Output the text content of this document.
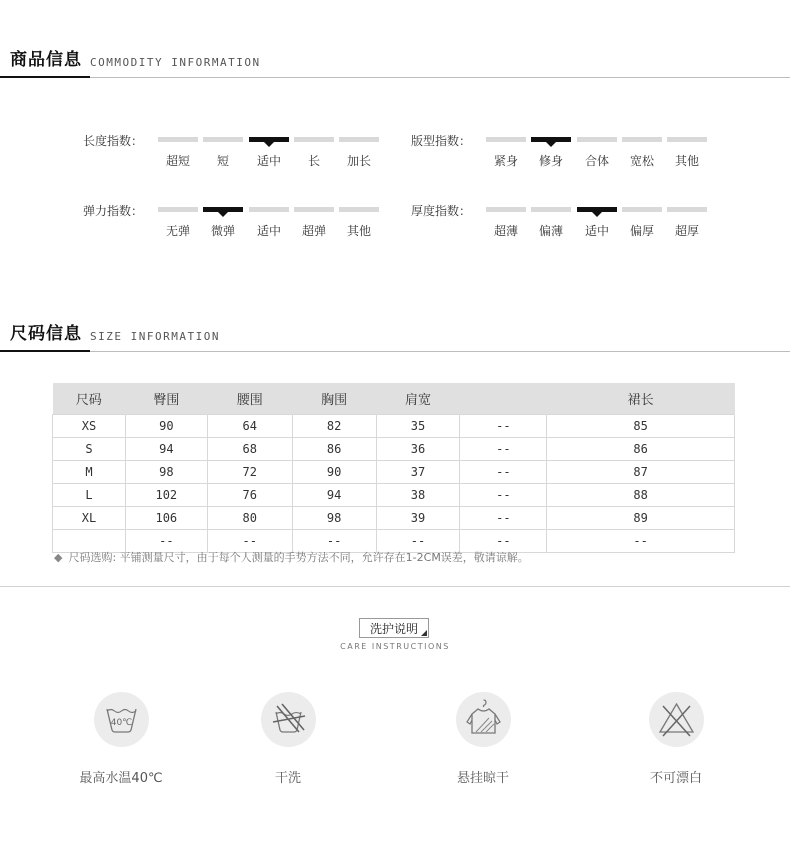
商品信息 COMMODITY INFORMATION
长度指数：
超短	短	适中	长	加长
版型指数：
紧身	修身	合体	宽松	其他
弹力指数：
无弹	微弹	适中	超弹	其他
厚度指数：
超薄	偏薄	适中	偏厚	超厚
尺码信息 SIZE INFORMATION
尺码	臀围	腰围	胸围	肩宽		裙长
XS	90	64	82	35	--	85
S	94	68	86	36	--	86
M	98	72	90	37	--	87
L	102	76	94	38	--	88
XL	106	80	98	39	--	89
	--	--	--	--	--	--
◆ 尺码选购: 平铺测量尺寸，由于每个人测量的手势方法不同，允许存在1-2CM误差，敬请谅解。
洗护说明
CARE INSTRUCTIONS
40℃
最高水温40℃	干洗	悬挂晾干	不可漂白
